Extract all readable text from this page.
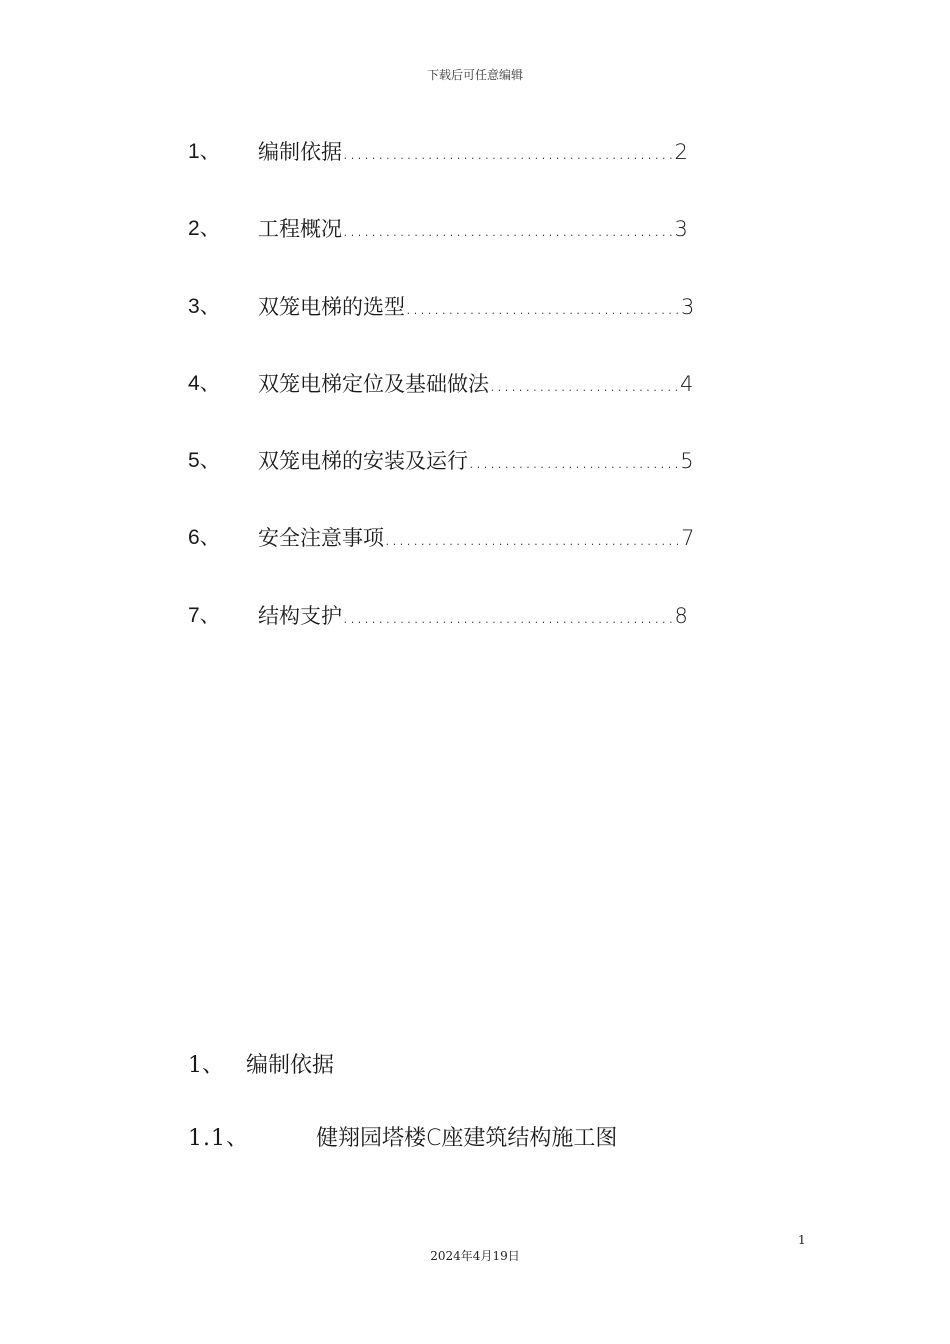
下载后可任意编辑
1、	编制依据 ............................................... 2
2、	工程概况 ............................................... 3
3、	双笼电梯的选型 ....................................... 3
4、	双笼电梯定位及基础做法 ........................... 4
5、	双笼电梯的安装及运行 .............................. 5
6、	安全注意事项 .......................................... 7
7、	结构支护 ............................................... 8
1、 编制依据
1.1、	健翔园塔楼C座建筑结构施工图
1
2024年4月19日
